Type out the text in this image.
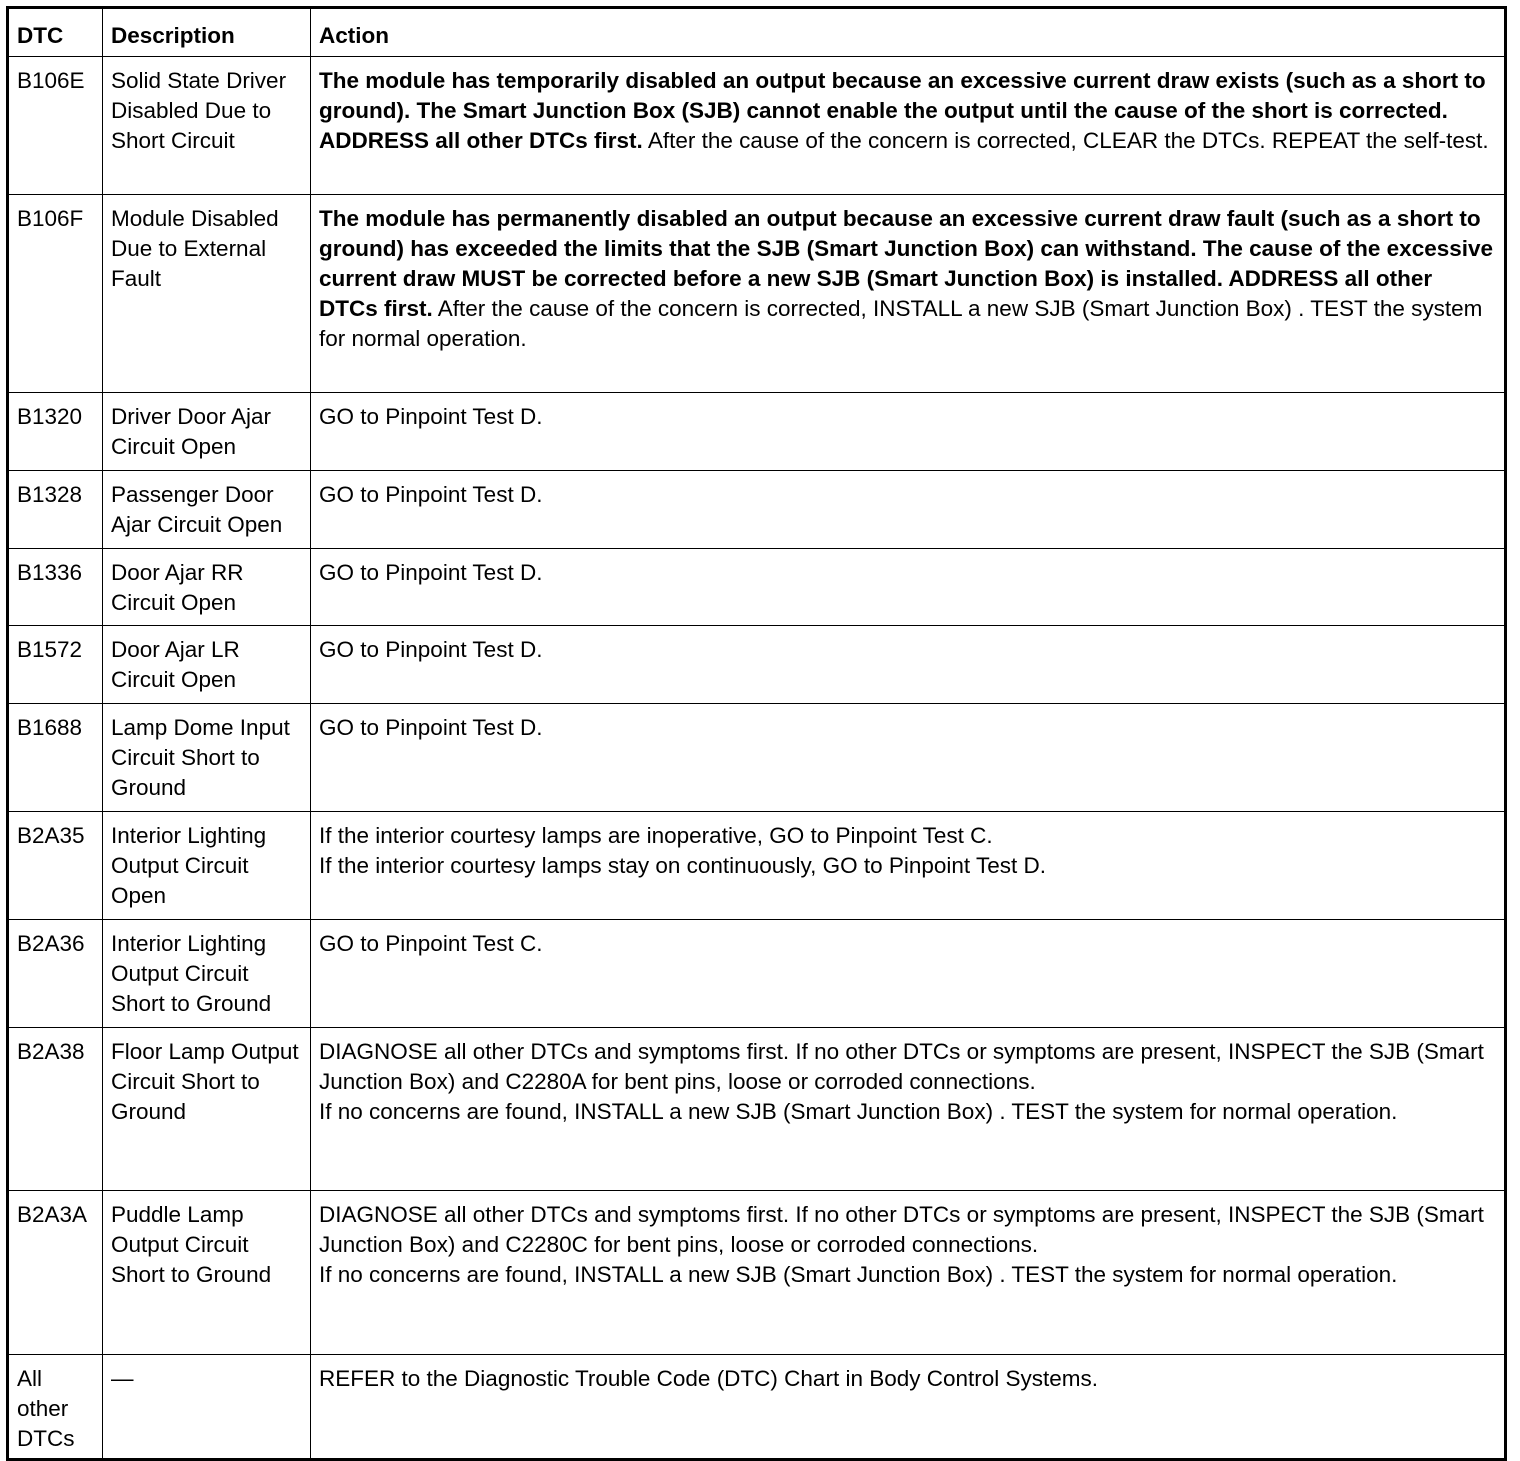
DTC	Description	Action
B106E	Solid State Driver Disabled Due to Short Circuit	The module has temporarily disabled an output because an excessive current draw exists (such as a short to ground). The Smart Junction Box (SJB) cannot enable the output until the cause of the short is corrected. ADDRESS all other DTCs first. After the cause of the concern is corrected, CLEAR the DTCs. REPEAT the self-test.
B106F	Module Disabled Due to External Fault	The module has permanently disabled an output because an excessive current draw fault (such as a short to ground) has exceeded the limits that the SJB (Smart Junction Box) can withstand. The cause of the excessive current draw MUST be corrected before a new SJB (Smart Junction Box) is installed. ADDRESS all other DTCs first. After the cause of the concern is corrected, INSTALL a new SJB (Smart Junction Box) . TEST the system for normal operation.
B1320	Driver Door Ajar Circuit Open	GO to Pinpoint Test D.
B1328	Passenger Door Ajar Circuit Open	GO to Pinpoint Test D.
B1336	Door Ajar RR Circuit Open	GO to Pinpoint Test D.
B1572	Door Ajar LR Circuit Open	GO to Pinpoint Test D.
B1688	Lamp Dome Input Circuit Short to Ground	GO to Pinpoint Test D.
B2A35	Interior Lighting Output Circuit Open	If the interior courtesy lamps are inoperative, GO to Pinpoint Test C.

If the interior courtesy lamps stay on continuously, GO to Pinpoint Test D.

B2A36	Interior Lighting Output Circuit Short to Ground	GO to Pinpoint Test C.
B2A38	Floor Lamp Output Circuit Short to Ground	DIAGNOSE all other DTCs and symptoms first. If no other DTCs or symptoms are present, INSPECT the SJB (Smart Junction Box) and C2280A for bent pins, loose or corroded connections.

If no concerns are found, INSTALL a new SJB (Smart Junction Box) . TEST the system for normal operation.

B2A3A	Puddle Lamp Output Circuit Short to Ground	DIAGNOSE all other DTCs and symptoms first. If no other DTCs or symptoms are present, INSPECT the SJB (Smart Junction Box) and C2280C for bent pins, loose or corroded connections.

If no concerns are found, INSTALL a new SJB (Smart Junction Box) . TEST the system for normal operation.

All other DTCs	—	REFER to the Diagnostic Trouble Code (DTC) Chart in Body Control Systems.
